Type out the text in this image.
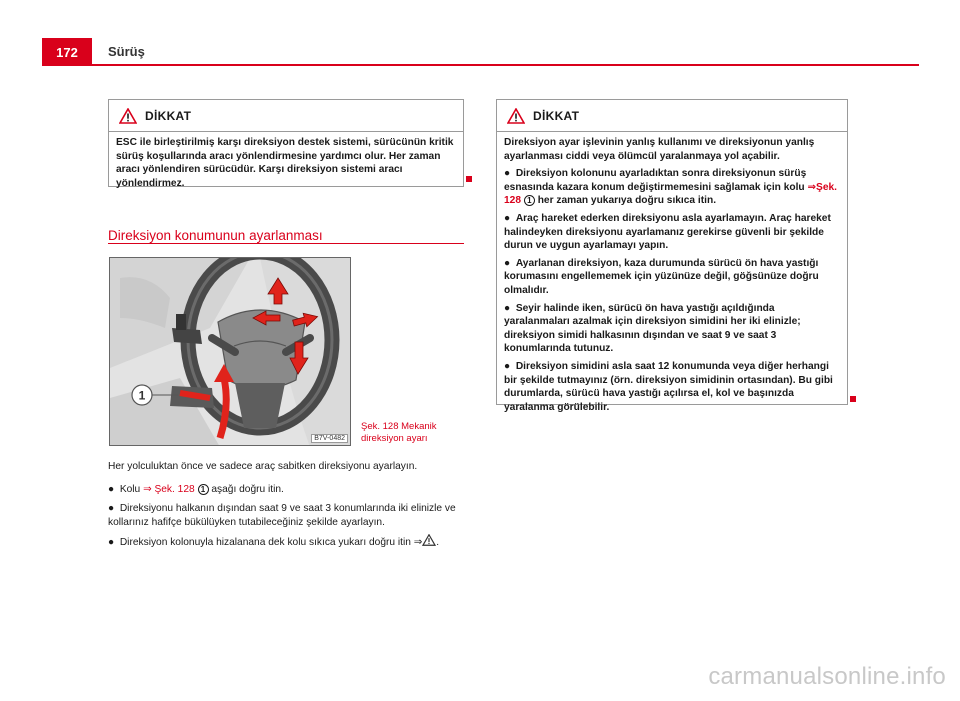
172	Sürüş
DİKKAT

ESC ile birleştirilmiş karşı direksiyon destek sistemi, sürücünün kritik sürüş koşullarında aracı yönlendirmesine yardımcı olur. Her zaman aracı yönlendiren sürücüdür. Karşı direksiyon sistemi aracı yönlendirmez.

Direksiyon konumunun ayarlanması
1
B7V-0482
Şek. 128 Mekanik direksiyon ayarı
Her yolculuktan önce ve sadece araç sabitken direksiyonu ayarlayın.
● Kolu ⇒ Şek. 128 1 aşağı doğru itin.
● Direksiyonu halkanın dışından saat 9 ve saat 3 konumlarında iki elinizle ve kollarınız hafifçe bükülüyken tutabileceğiniz şekilde ayarlayın.
● Direksiyon kolonuyla hizalanana dek kolu sıkıca yukarı doğru itin ⇒ .
DİKKAT

Direksiyon ayar işlevinin yanlış kullanımı ve direksiyonun yanlış ayarlanması ciddi veya ölümcül yaralanmaya yol açabilir.

● Direksiyon kolonunu ayarladıktan sonra direksiyonun sürüş esnasında kazara konum değiştirmemesini sağlamak için kolu ⇒Şek. 128 1 her zaman yukarıya doğru sıkıca itin.

● Araç hareket ederken direksiyonu asla ayarlamayın. Araç hareket halindeyken direksiyonu ayarlamanız gerekirse güvenli bir şekilde durun ve uygun ayarlamayı yapın.

● Ayarlanan direksiyon, kaza durumunda sürücü ön hava yastığı korumasını engellememek için yüzünüze değil, göğsünüze doğru olmalıdır.

● Seyir halinde iken, sürücü ön hava yastığı açıldığında yaralanmaları azalmak için direksiyon simidini her iki elinizle; direksiyon simidi halkasının dışından ve saat 9 ve saat 3 konumlarında tutunuz.

● Direksiyon simidini asla saat 12 konumunda veya diğer herhangi bir şekilde tutmayınız (örn. direksiyon simidinin ortasından). Bu gibi durumlarda, sürücü hava yastığı açılırsa el, kol ve başınızda yaralanma görülebilir.

carmanualsonline.info
